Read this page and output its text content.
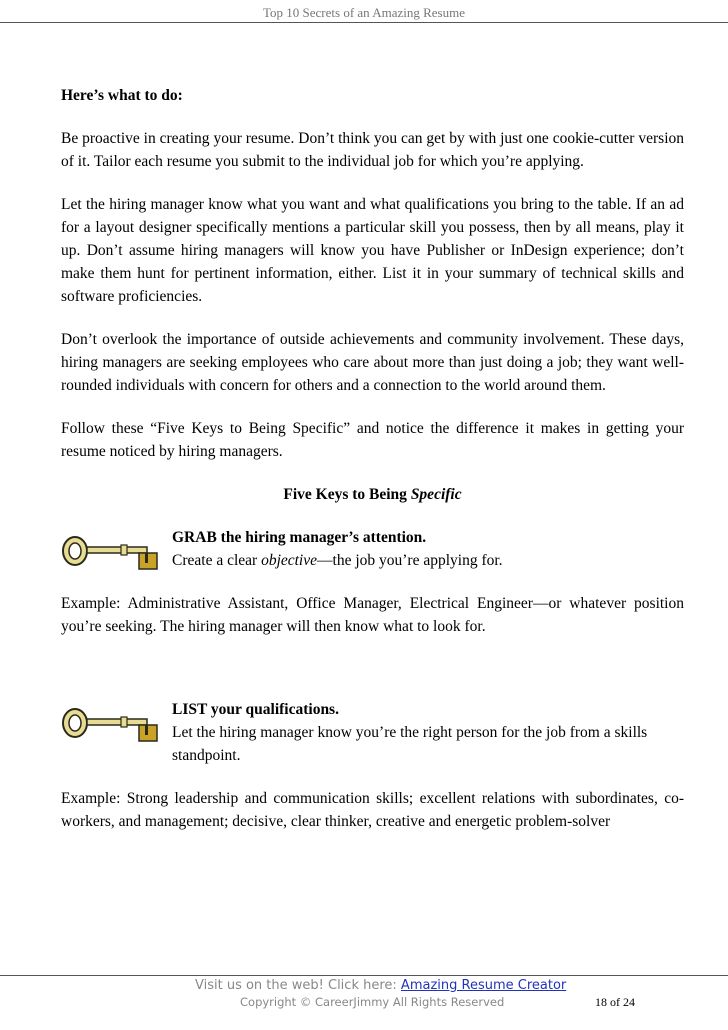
Top 10 Secrets of an Amazing Resume

Here’s what to do:

Be proactive in creating your resume. Don’t think you can get by with just one cookie-cutter version of it. Tailor each resume you submit to the individual job for which you’re applying.

Let the hiring manager know what you want and what qualifications you bring to the table. If an ad for a layout designer specifically mentions a particular skill you possess, then by all means, play it up. Don’t assume hiring managers will know you have Publisher or InDesign experience; don’t make them hunt for pertinent information, either. List it in your summary of technical skills and software proficiencies.

Don’t overlook the importance of outside achievements and community involvement. These days, hiring managers are seeking employees who care about more than just doing a job; they want well-rounded individuals with concern for others and a connection to the world around them.

Follow these “Five Keys to Being Specific” and notice the difference it makes in getting your resume noticed by hiring managers.

Five Keys to Being Specific

GRAB the hiring manager’s attention.
Create a clear objective—the job you’re applying for.

Example: Administrative Assistant, Office Manager, Electrical Engineer—or whatever position you’re seeking. The hiring manager will then know what to look for.

LIST your qualifications.
Let the hiring manager know you’re the right person for the job from a skills standpoint.

Example: Strong leadership and communication skills; excellent relations with subordinates, co-workers, and management; decisive, clear thinker, creative and energetic problem-solver

Visit us on the web! Click here: Amazing Resume Creator
Copyright © CareerJimmy All Rights Reserved	18 of 24
